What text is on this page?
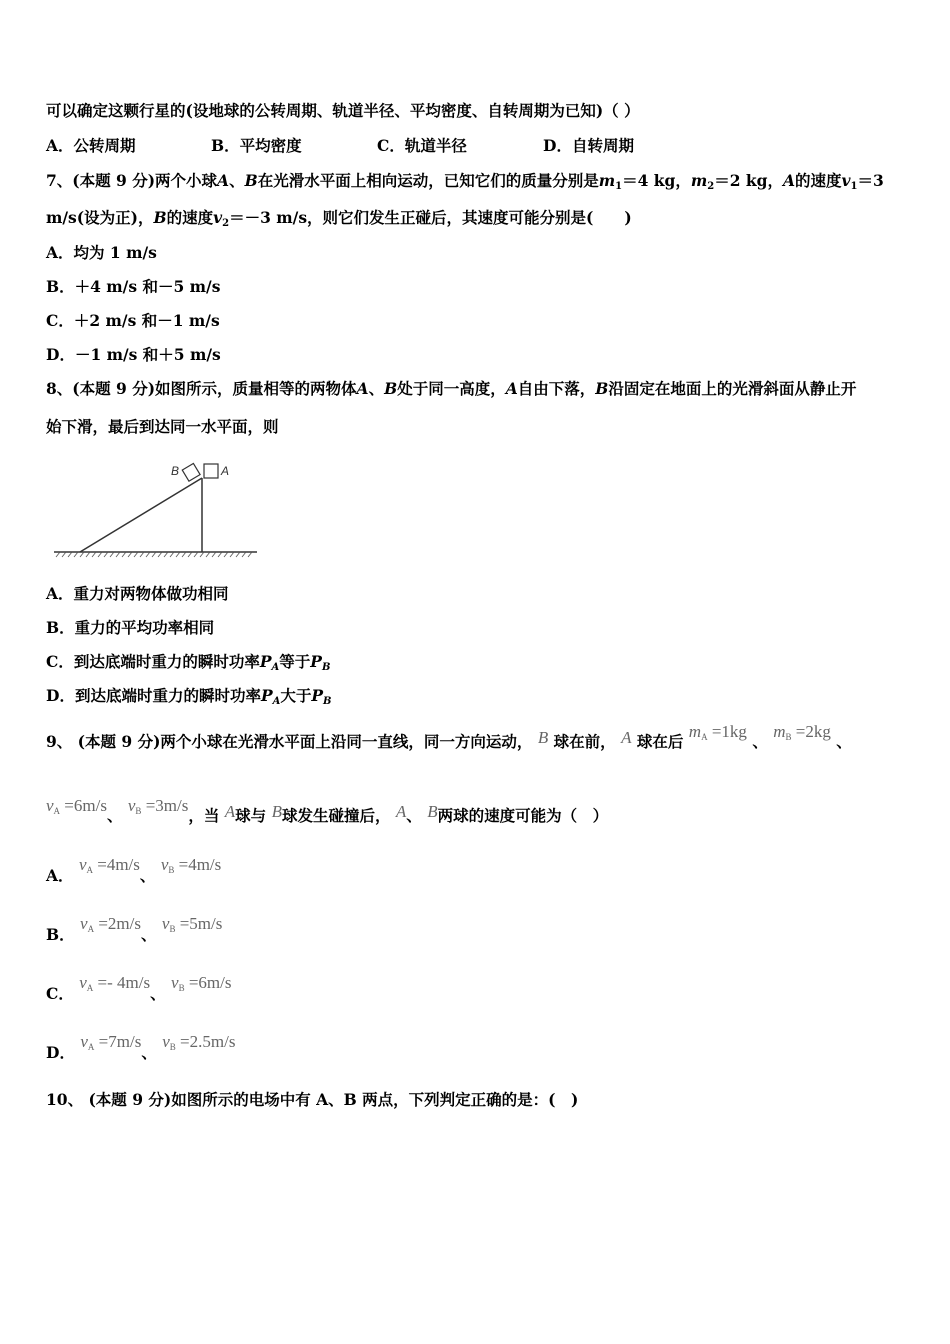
可以确定这颗行星的(设地球的公转周期、轨道半径、平均密度、自转周期为已知)（ ）
A．公转周期	B．平均密度	C．轨道半径	D．自转周期
7、(本题 9 分)两个小球A、B在光滑水平面上相向运动，已知它们的质量分别是$m_1=4$ kg，$m_2=2$ kg，A的速度$v_1=3$
m/s(设为正)，B的速度$v_2=-3$ m/s，则它们发生正碰后，其速度可能分别是(　　)
A．均为 1 m/s
B．＋4 m/s 和－5 m/s
C．＋2 m/s 和－1 m/s
D．－1 m/s 和＋5 m/s
8、(本题 9 分)如图所示，质量相等的两物体A、B处于同一高度，A自由下落，B沿固定在地面上的光滑斜面从静止开
始下滑，最后到达同一水平面，则
B	A
A．重力对两物体做功相同
B．重力的平均功率相同
C．到达底端时重力的瞬时功率$P_A$等于$P_B$
D．到达底端时重力的瞬时功率$P_A$大于$P_B$
9、 (本题 9 分)两个小球在光滑水平面上沿同一直线，同一方向运动， B 球在前， A 球在后 $m_A =1kg$ 、 $m_B =2kg$ 、
$v_A =6m/s$、 $v_B =3m/s$，当 A球与 B球发生碰撞后， A、 B两球的速度可能为（　）
A． $v_A =4m/s$、 $v_B =4m/s$
B． $v_A =2m/s$、 $v_B =5m/s$
C． $v_A =- 4m/s$、 $v_B =6m/s$
D． $v_A =7m/s$、 $v_B =2.5m/s$
10、 (本题 9 分)如图所示的电场中有 A、B 两点，下列判定正确的是：(　)
